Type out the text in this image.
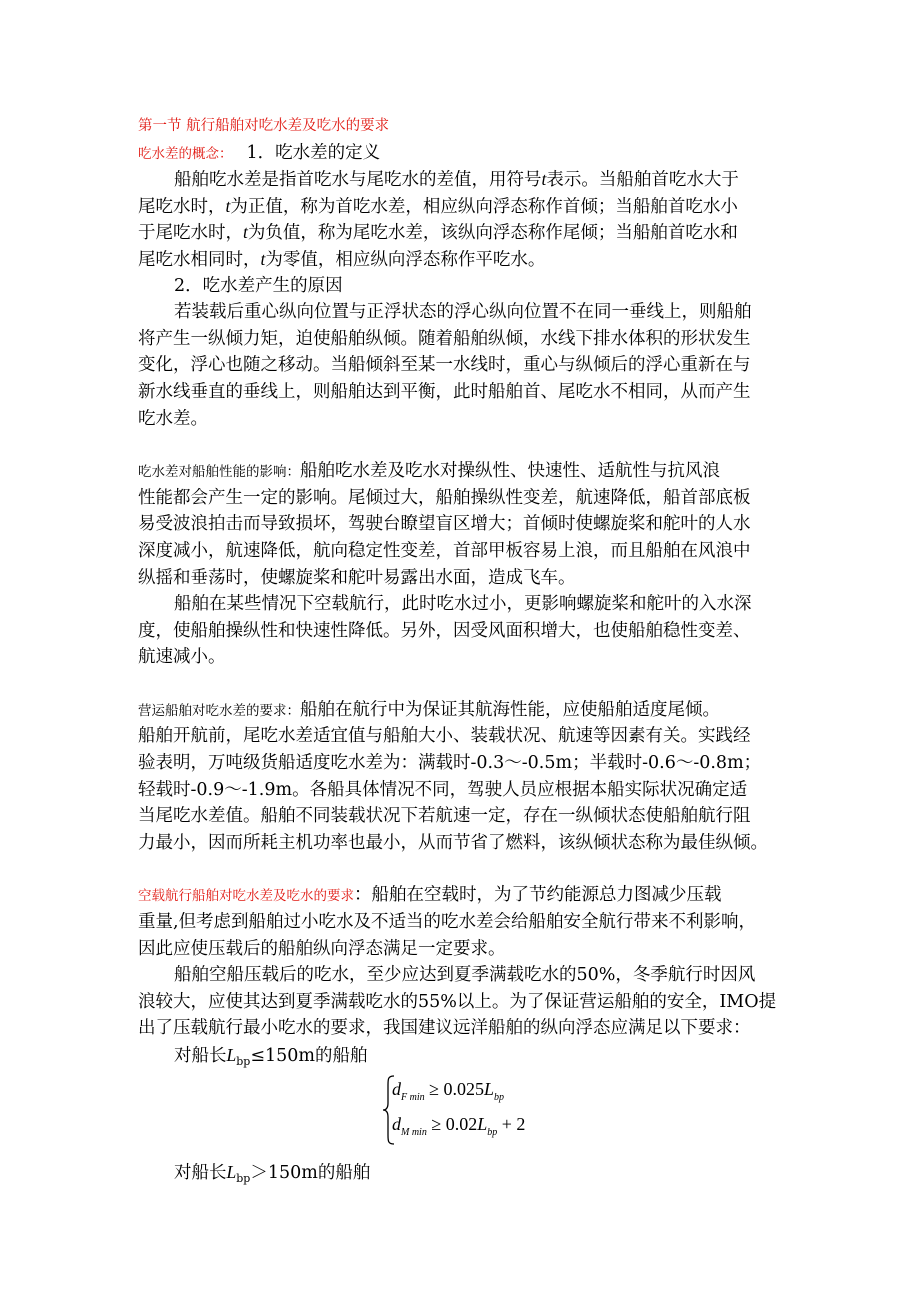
第一节 航行船舶对吃水差及吃水的要求
吃水差的概念： 1．吃水差的定义
船舶吃水差是指首吃水与尾吃水的差值，用符号t表示。当船舶首吃水大于
尾吃水时，t为正值，称为首吃水差，相应纵向浮态称作首倾；当船舶首吃水小
于尾吃水时，t为负值，称为尾吃水差，该纵向浮态称作尾倾；当船舶首吃水和
尾吃水相同时，t为零值，相应纵向浮态称作平吃水。
2．吃水差产生的原因
若装载后重心纵向位置与正浮状态的浮心纵向位置不在同一垂线上，则船舶
将产生一纵倾力矩，迫使船舶纵倾。随着船舶纵倾，水线下排水体积的形状发生
变化，浮心也随之移动。当船倾斜至某一水线时，重心与纵倾后的浮心重新在与
新水线垂直的垂线上，则船舶达到平衡，此时船舶首、尾吃水不相同，从而产生
吃水差。
吃水差对船舶性能的影响：船舶吃水差及吃水对操纵性、快速性、适航性与抗风浪
性能都会产生一定的影响。尾倾过大，船舶操纵性变差，航速降低，船首部底板
易受波浪拍击而导致损坏，驾驶台瞭望盲区增大；首倾时使螺旋桨和舵叶的人水
深度减小，航速降低，航向稳定性变差，首部甲板容易上浪，而且船舶在风浪中
纵摇和垂荡时，使螺旋桨和舵叶易露出水面，造成飞车。
船舶在某些情况下空载航行，此时吃水过小，更影响螺旋桨和舵叶的入水深
度，使船舶操纵性和快速性降低。另外，因受风面积增大，也使船舶稳性变差、
航速减小。
营运船舶对吃水差的要求：船舶在航行中为保证其航海性能，应使船舶适度尾倾。
船舶开航前，尾吃水差适宜值与船舶大小、装载状况、航速等因素有关。实践经
验表明，万吨级货船适度吃水差为：满载时-0.3～-0.5m；半载时-0.6～-0.8m；
轻载时-0.9～-1.9m。各船具体情况不同，驾驶人员应根据本船实际状况确定适
当尾吃水差值。船舶不同装载状况下若航速一定，存在一纵倾状态使船舶航行阻
力最小，因而所耗主机功率也最小，从而节省了燃料，该纵倾状态称为最佳纵倾。
空载航行船舶对吃水差及吃水的要求：船舶在空载时，为了节约能源总力图减少压载
重量,但考虑到船舶过小吃水及不适当的吃水差会给船舶安全航行带来不利影响，
因此应使压载后的船舶纵向浮态满足一定要求。
船舶空船压载后的吃水，至少应达到夏季满载吃水的50%，冬季航行时因风
浪较大，应使其达到夏季满载吃水的55%以上。为了保证营运船舶的安全，IMO提
出了压载航行最小吃水的要求，我国建议远洋船舶的纵向浮态应满足以下要求：
对船长$L_{bp}\le 150m$的船舶
$d_{F min} \ge 0.025L_{bp}$
$d_{M min} \ge 0.02L_{bp} + 2$
对船长$L_{bp}>150m$的船舶
